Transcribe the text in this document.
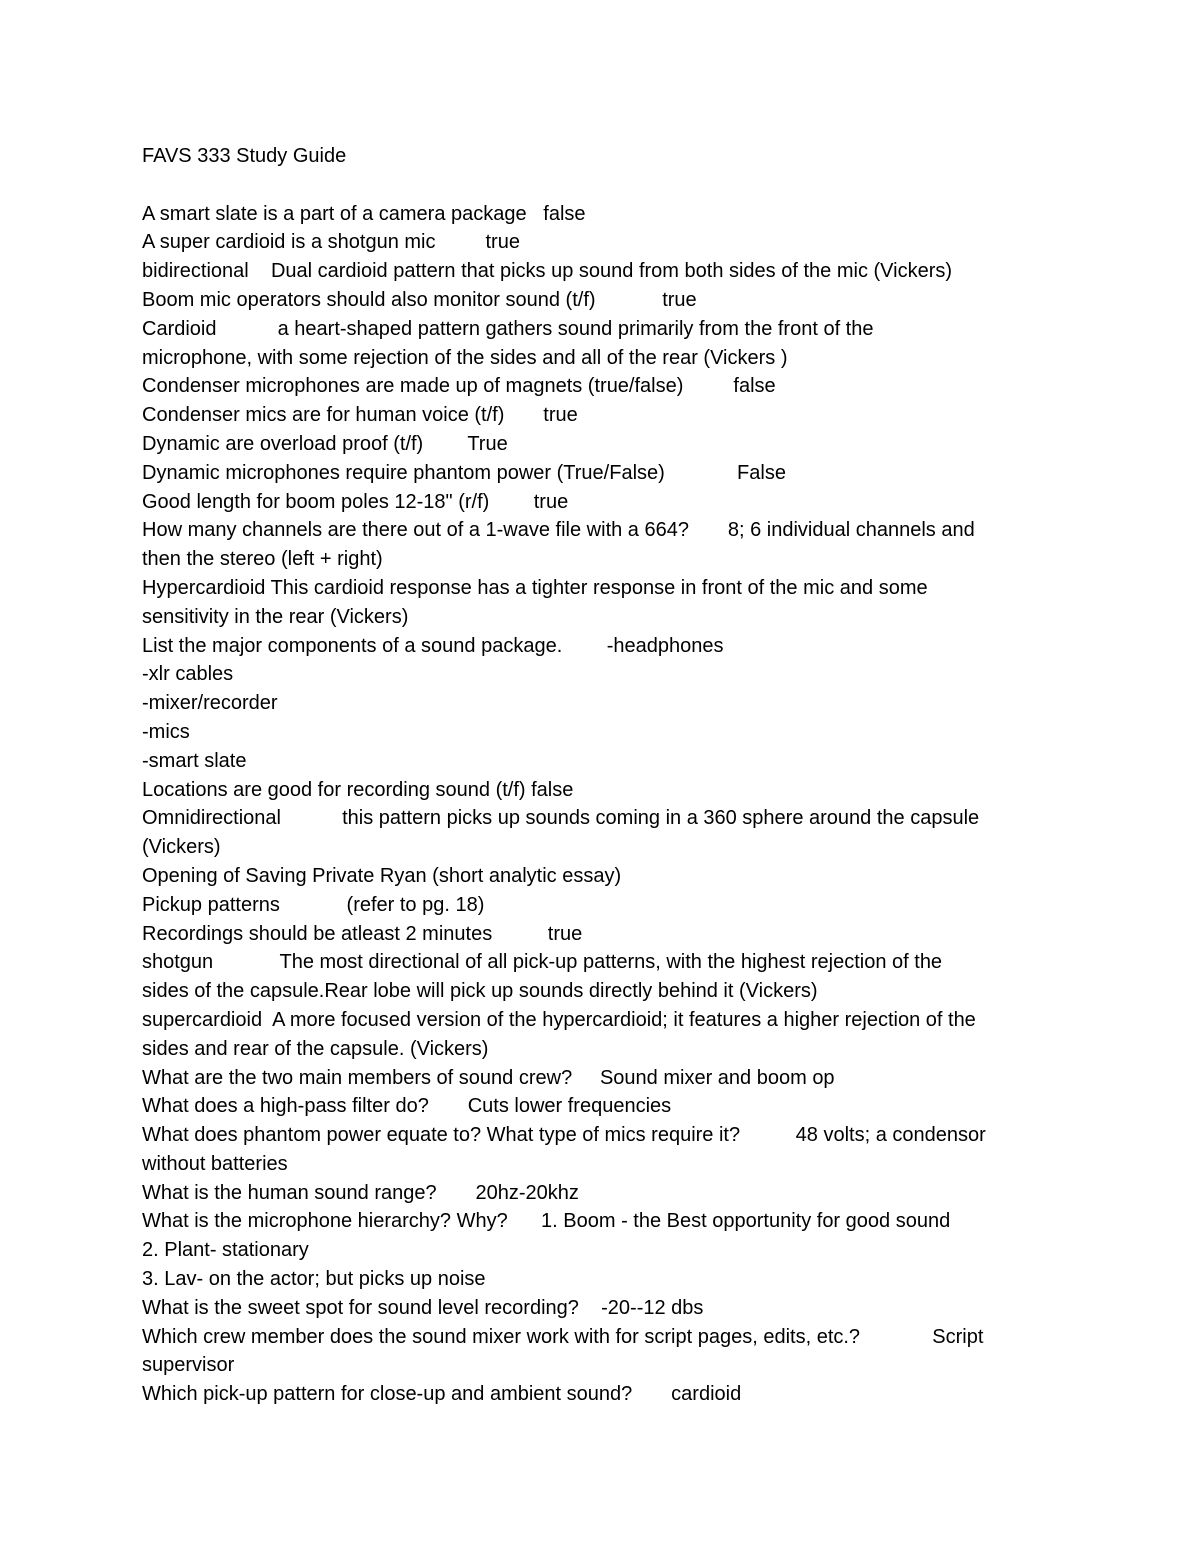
FAVS 333 Study Guide
A smart slate is a part of a camera package   false
A super cardioid is a shotgun mic         true
bidirectional    Dual cardioid pattern that picks up sound from both sides of the mic (Vickers)
Boom mic operators should also monitor sound (t/f)            true
Cardioid           a heart-shaped pattern gathers sound primarily from the front of the
microphone, with some rejection of the sides and all of the rear (Vickers )
Condenser microphones are made up of magnets (true/false)         false
Condenser mics are for human voice (t/f)       true
Dynamic are overload proof (t/f)        True
Dynamic microphones require phantom power (True/False)             False
Good length for boom poles 12-18" (r/f)        true
How many channels are there out of a 1-wave file with a 664?       8; 6 individual channels and
then the stereo (left + right)
Hypercardioid This cardioid response has a tighter response in front of the mic and some
sensitivity in the rear (Vickers)
List the major components of a sound package.        -headphones
-xlr cables
-mixer/recorder
-mics
-smart slate
Locations are good for recording sound (t/f) false
Omnidirectional           this pattern picks up sounds coming in a 360 sphere around the capsule
(Vickers)
Opening of Saving Private Ryan (short analytic essay)
Pickup patterns            (refer to pg. 18)
Recordings should be atleast 2 minutes          true
shotgun            The most directional of all pick-up patterns, with the highest rejection of the
sides of the capsule.Rear lobe will pick up sounds directly behind it (Vickers)
supercardioid  A more focused version of the hypercardioid; it features a higher rejection of the
sides and rear of the capsule. (Vickers)
What are the two main members of sound crew?     Sound mixer and boom op
What does a high-pass filter do?       Cuts lower frequencies
What does phantom power equate to? What type of mics require it?          48 volts; a condensor
without batteries
What is the human sound range?       20hz-20khz
What is the microphone hierarchy? Why?      1. Boom - the Best opportunity for good sound
2. Plant- stationary
3. Lav- on the actor; but picks up noise
What is the sweet spot for sound level recording?    -20--12 dbs
Which crew member does the sound mixer work with for script pages, edits, etc.?             Script
supervisor
Which pick-up pattern for close-up and ambient sound?       cardioid
